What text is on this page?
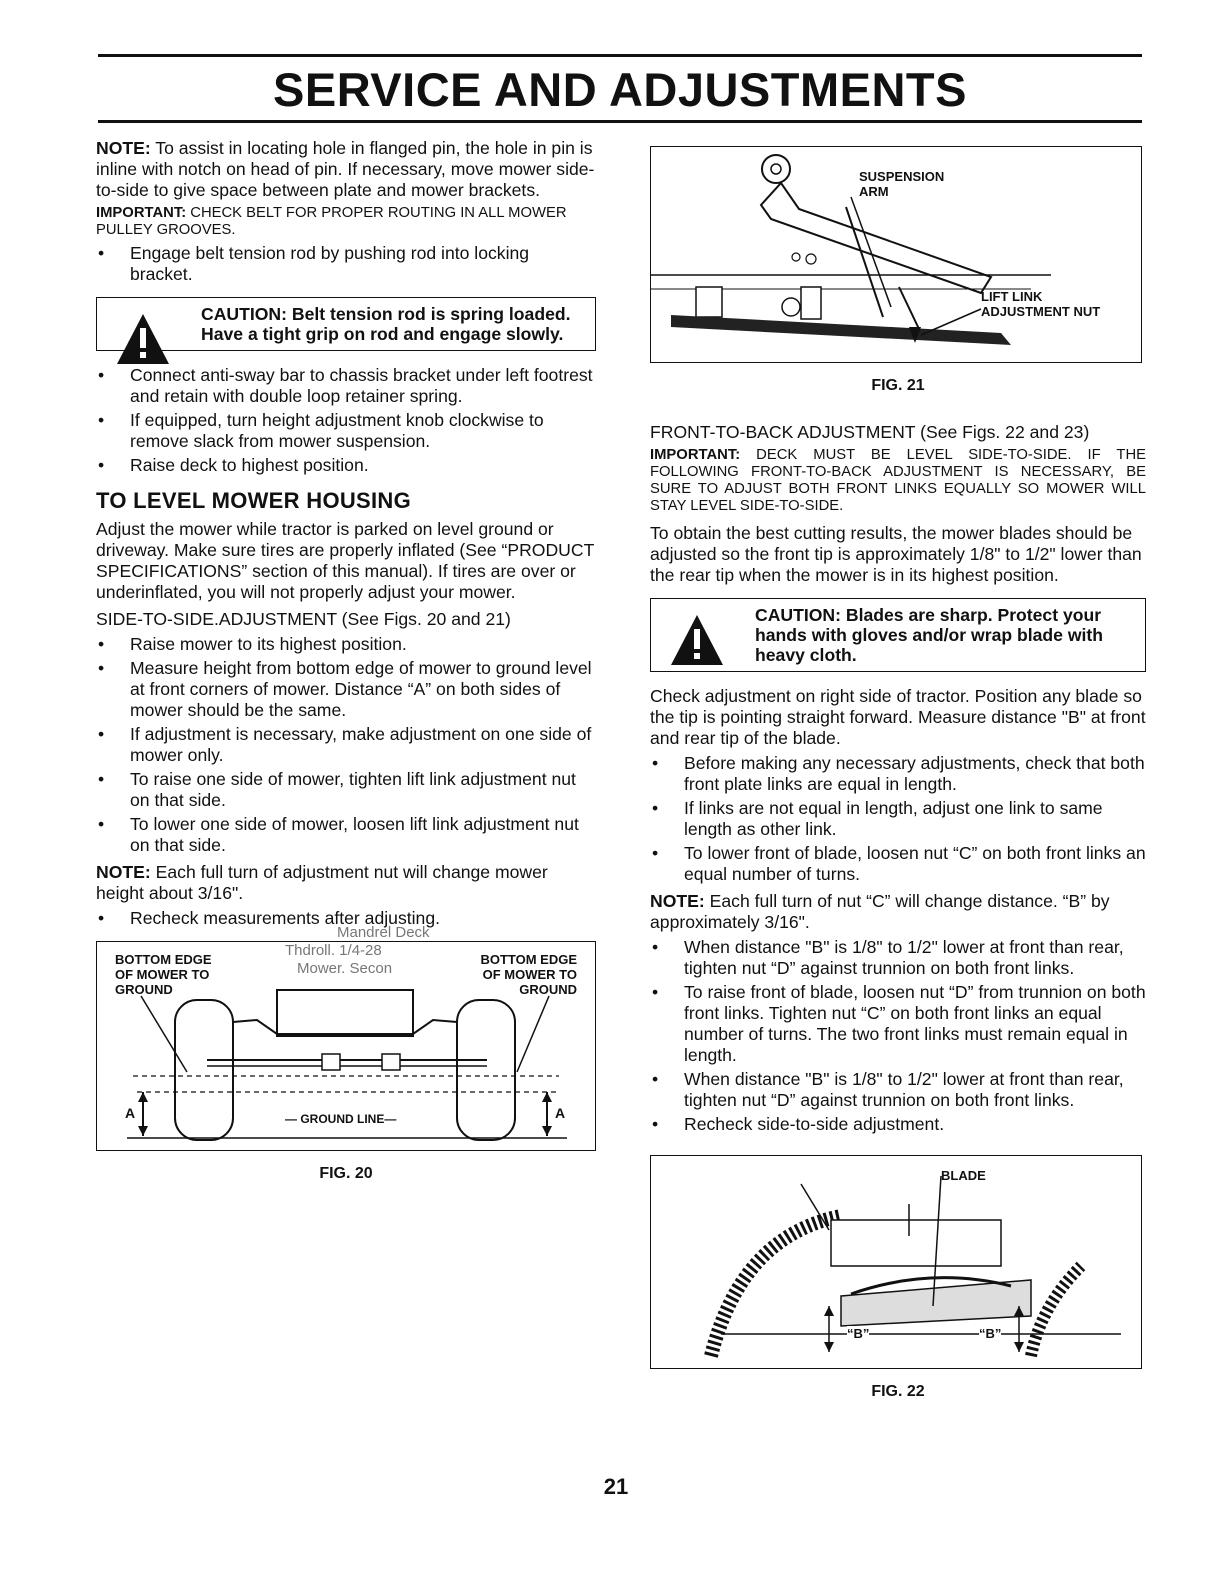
SERVICE AND ADJUSTMENTS

NOTE: To assist in locating hole in flanged pin, the hole in pin is inline with notch on head of pin. If necessary, move mower side-to-side to give space between plate and mower brackets.

IMPORTANT: CHECK BELT FOR PROPER ROUTING IN ALL MOWER PULLEY GROOVES.

• Engage belt tension rod by pushing rod into locking bracket.
CAUTION: Belt tension rod is spring loaded. Have a tight grip on rod and engage slowly.
• Connect anti-sway bar to chassis bracket under left footrest and retain with double loop retainer spring.
• If equipped, turn height adjustment knob clockwise to remove slack from mower suspension.
• Raise deck to highest position.
TO LEVEL MOWER HOUSING

Adjust the mower while tractor is parked on level ground or driveway. Make sure tires are properly inflated (See “PRODUCT SPECIFICATIONS” section of this manual). If tires are over or underinflated, you will not properly adjust your mower.

SIDE-TO-SIDE.ADJUSTMENT (See Figs. 20 and 21)

• Raise mower to its highest position.
• Measure height from bottom edge of mower to ground level at front corners of mower. Distance “A” on both sides of mower should be the same.
• If adjustment is necessary, make adjustment on one side of mower only.
• To raise one side of mower, tighten lift link adjustment nut on that side.
• To lower one side of mower, loosen lift link adjustment nut on that side.

NOTE: Each full turn of adjustment nut will change mower height about 3/16".

• Recheck measurements after adjusting.
BOTTOM EDGE
OF MOWER TO
GROUND
BOTTOM EDGE
OF MOWER TO
GROUND
Mandrel Deck
Thdroll. 1/4-28
Mower. Secon
A	A
— GROUND LINE—
FIG. 20
SUSPENSION
ARM
LIFT LINK
ADJUSTMENT NUT
FIG. 21

FRONT-TO-BACK ADJUSTMENT (See Figs. 22 and 23)

IMPORTANT: DECK MUST BE LEVEL SIDE-TO-SIDE. IF THE FOLLOWING FRONT-TO-BACK ADJUSTMENT IS NECESSARY, BE SURE TO ADJUST BOTH FRONT LINKS EQUALLY SO MOWER WILL STAY LEVEL SIDE-TO-SIDE.

To obtain the best cutting results, the mower blades should be adjusted so the front tip is approximately 1/8" to 1/2" lower than the rear tip when the mower is in its highest position.

CAUTION: Blades are sharp. Protect your hands with gloves and/or wrap blade with heavy cloth.

Check adjustment on right side of tractor. Position any blade so the tip is pointing straight forward. Measure distance "B" at front and rear tip of the blade.

• Before making any necessary adjustments, check that both front plate links are equal in length.
• If links are not equal in length, adjust one link to same length as other link.
• To lower front of blade, loosen nut “C” on both front links an equal number of turns.

NOTE: Each full turn of nut “C” will change distance. “B” by approximately 3/16".

• When distance "B" is 1/8" to 1/2" lower at front than rear, tighten nut “D” against trunnion on both front links.
• To raise front of blade, loosen nut “D” from trunnion on both front links. Tighten nut “C” on both front links an equal number of turns. The two front links must remain equal in length.
• When distance "B" is 1/8" to 1/2" lower at front than rear, tighten nut “D” against trunnion on both front links.
• Recheck side-to-side adjustment.
BLADE
“B”	“B”
FIG. 22
21
